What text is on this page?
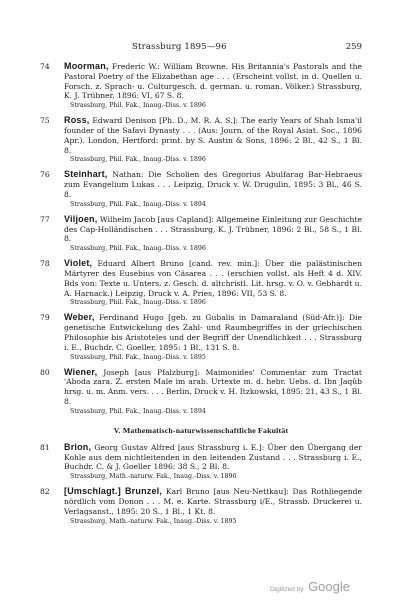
Strassburg 1895—96	259
74	Moorman, Frederic W.: William Browne. His Britannia's Pastorals and the Pastoral Poetry of the Elizabethan age . . . (Erscheint vollst. in d. Quellen u. Forsch. z. Sprach- u. Culturgesch. d. german. u. roman. Völker.) Strassburg, K. J. Trübner, 1896: VI, 67 S. 8.
Strassburg, Phil. Fak., Inaug.-Diss. v. 1896
75	Ross, Edward Denison [Ph. D., M. R. A. S.]: The early Years of Shah Isma'il founder of the Safavi Dynasty . . . (Aus: Journ. of the Royal Asiat. Soc., 1896 Apr.). London, Hertford: print. by S. Austin & Sons, 1896: 2 Bl., 42 S., 1 Bl. 8.
Strassburg, Phil. Fak., Inaug.-Diss. v. 1896
76	Steinhart, Nathan: Die Scholien des Gregorius Abulfarag Bar-Hebraeus zum Evangelium Lukas . . . Leipzig, Druck v. W. Drugulin, 1895: 3 Bl., 46 S. 8.
Strassburg, Phil. Fak., Inaug.-Diss. v. 1894
77	Viljoen, Wilhelm Jacob [aus Capland]: Allgemeine Einleitung zur Geschichte des Cap-Holländischen . . . Strassburg, K. J. Trübner, 1896: 2 Bl., 58 S., 1 Bl. 8.
Strassburg, Phil. Fak., Inaug.-Diss. v. 1896
78	Violet, Eduard Albert Bruno [cand. rev. min.]: Über die palästinischen Märtyrer des Eusebius von Cäsarea . . . (erschien vollst. als Heft 4 d. XIV. Bds von: Texte u. Unters. z. Gesch. d. altchristl. Lit. hrsg. v. O. v. Gebhardt u. A. Harnack.) Leipzig, Druck v. A. Pries, 1896: VII, 53 S. 8.
Strassburg, Phil. Fak., Inaug.-Diss. v. 1896
79	Weber, Ferdinand Hugo [geb. zu Gubalis in Damaraland (Süd-Afr.)]: Die genetische Entwickelung des Zahl- und Raumbegriffes in der griechischen Philosophie bis Aristoteles und der Begriff der Unendlichkeit . . . Strassburg i. E., Buchdr. C. Goeller, 1895: 1 Bl., 131 S. 8.
Strassburg, Phil. Fak., Inaug.-Diss. v. 1895
80	Wiener, Joseph [aus Pfalzburg]: Maimonides' Commentar zum Tractat 'Aboda zara. Z. ersten Male im arab. Urtexte m. d. hebr. Uebs. d. Ibn Jaqûb hrsg. u. m. Anm. vers. . . . Berlin, Druck v. H. Itzkowski, 1895: 21, 43 S., 1 Bl. 8.
Strassburg, Phil. Fak., Inaug.-Diss. v. 1894
V. Mathematisch-naturwissenschaftliche Fakultät
81	Brion, Georg Gustav Alfred [aus Strassburg i. E.]: Über den Übergang der Kohle aus dem nichtleitenden in den leitenden Zustand . . . Strassburg i. E., Buchdr. C. & J. Goeller 1896: 38 S., 2 Bl. 8.
Strassburg, Math.-naturw. Fak., Inaug.-Diss. v. 1896
82	[Umschlagt.] Brunzel, Karl Bruno [aus Neu-Nettkau]: Das Rothliegende nördlich vom Donon . . . M. e. Karte. Strassburg i/E., Strassb. Druckerei u. Verlagsanst., 1895: 20 S., 1 Bl., 1 Kt. 8.
Strassburg, Math.-naturw. Fak., Inaug.-Diss. v. 1895
Digitized by Google
